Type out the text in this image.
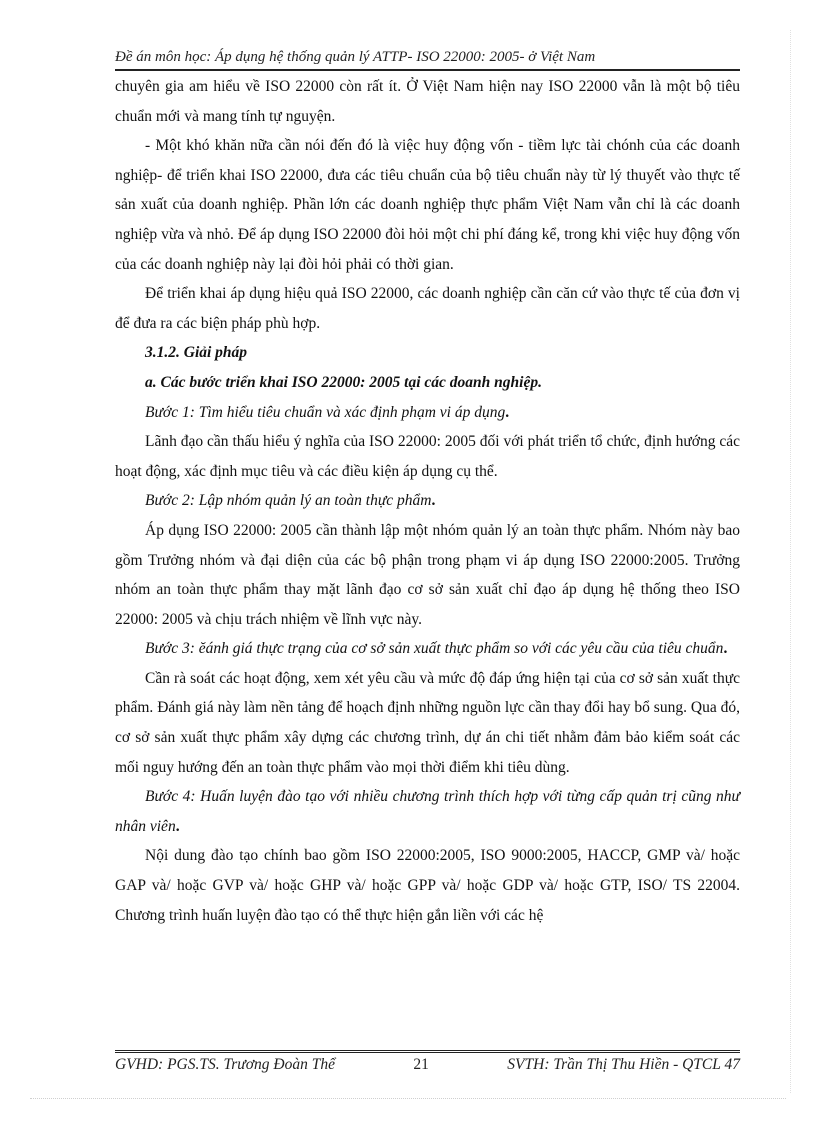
Đề án môn học: Áp dụng hệ thống quản lý ATTP- ISO 22000: 2005- ở Việt Nam

chuyên gia am hiểu về ISO 22000 còn rất ít. Ở Việt Nam hiện nay ISO 22000 vẫn là một bộ tiêu chuẩn mới và mang tính tự nguyện.

- Một khó khăn nữa cần nói đến đó là việc huy động vốn - tiềm lực tài chónh của các doanh nghiệp- để triển khai ISO 22000, đưa các tiêu chuẩn của bộ tiêu chuẩn này từ lý thuyết vào thực tế sản xuất của doanh nghiệp. Phần lớn các doanh nghiệp thực phẩm Việt Nam vẫn chỉ là các doanh nghiệp vừa và nhỏ. Để áp dụng ISO 22000 đòi hỏi một chi phí đáng kể, trong khi việc huy động vốn của các doanh nghiệp này lại đòi hỏi phải có thời gian.

Để triển khai áp dụng hiệu quả ISO 22000, các doanh nghiệp cần căn cứ vào thực tế của đơn vị để đưa ra các biện pháp phù hợp.

3.1.2. Giải pháp

a. Các bước triển khai ISO 22000: 2005 tại các doanh nghiệp.

Bước 1: Tìm hiểu tiêu chuẩn và xác định phạm vi áp dụng.

Lãnh đạo cần thấu hiểu ý nghĩa của ISO 22000: 2005 đối với phát triển tổ chức, định hướng các hoạt động, xác định mục tiêu và các điều kiện áp dụng cụ thể.

Bước 2: Lập nhóm quản lý an toàn thực phẩm.

Áp dụng ISO 22000: 2005 cần thành lập một nhóm quản lý an toàn thực phẩm. Nhóm này bao gồm Trưởng nhóm và đại diện của các bộ phận trong phạm vi áp dụng ISO 22000:2005. Trưởng nhóm an toàn thực phẩm thay mặt lãnh đạo cơ sở sản xuất chỉ đạo áp dụng hệ thống theo ISO 22000: 2005 và chịu trách nhiệm về lĩnh vực này.

Bước 3: ĕánh giá thực trạng của cơ sở sản xuất thực phẩm so với các yêu cầu của tiêu chuẩn.

Cần rà soát các hoạt động, xem xét yêu cầu và mức độ đáp ứng hiện tại của cơ sở sản xuất thực phẩm. Đánh giá này làm nền tảng để hoạch định những nguồn lực cần thay đổi hay bổ sung. Qua đó, cơ sở sản xuất thực phẩm xây dựng các chương trình, dự án chi tiết nhằm đảm bảo kiểm soát các mối nguy hướng đến an toàn thực phẩm vào mọi thời điểm khi tiêu dùng.

Bước 4: Huấn luyện đào tạo với nhiều chương trình thích hợp với từng cấp quản trị cũng như nhân viên.

Nội dung đào tạo chính bao gồm ISO 22000:2005, ISO 9000:2005, HACCP, GMP và/ hoặc GAP và/ hoặc GVP và/ hoặc GHP và/ hoặc GPP và/ hoặc GDP và/ hoặc GTP, ISO/ TS 22004. Chương trình huấn luyện đào tạo có thể thực hiện gắn liền với các hệ

GVHD: PGS.TS. Trương Đoàn Thể	21	SVTH: Trần Thị Thu Hiền - QTCL 47
